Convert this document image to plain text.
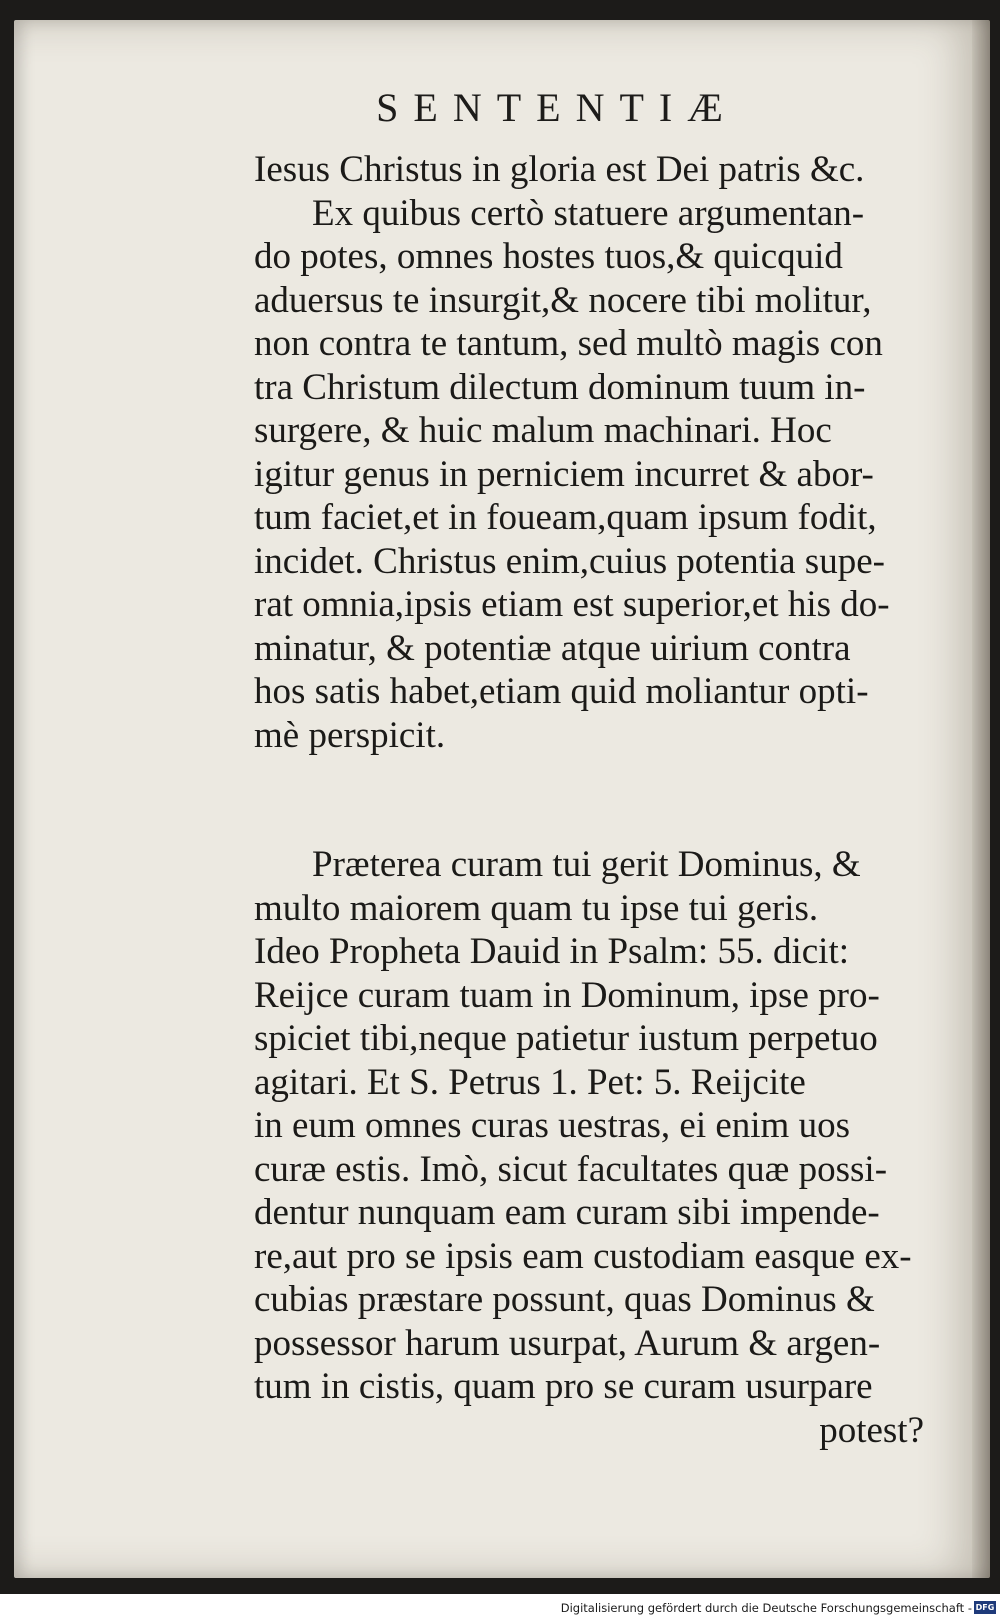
SENTENTIÆ
Iesus Christus in gloria est Dei patris &c.
Ex quibus certò statuere argumentan-
do potes, omnes hostes tuos,& quicquid
aduersus te insurgit,& nocere tibi molitur,
non contra te tantum, sed multò magis con
tra Christum dilectum dominum tuum in-
surgere, & huic malum machinari. Hoc
igitur genus in perniciem incurret & abor-
tum faciet,et in foueam,quam ipsum fodit,
incidet. Christus enim,cuius potentia supe-
rat omnia,ipsis etiam est superior,et his do-
minatur, & potentiæ atque uirium contra
hos satis habet,etiam quid moliantur opti-
mè perspicit.
Præterea curam tui gerit Dominus, &
multo maiorem quam tu ipse tui geris.
Ideo Propheta Dauid in Psalm: 55. dicit:
Reijce curam tuam in Dominum, ipse pro-
spiciet tibi,neque patietur iustum perpetuo
agitari. Et S. Petrus 1. Pet: 5. Reijcite
in eum omnes curas uestras, ei enim uos
curæ estis. Imò, sicut facultates quæ possi-
dentur nunquam eam curam sibi impende-
re,aut pro se ipsis eam custodiam easque ex-
cubias præstare possunt, quas Dominus &
possessor harum usurpat, Aurum & argen-
tum in cistis, quam pro se curam usurpare
potest?
Digitalisierung gefördert durch die Deutsche Forschungsgemeinschaft - DFG
